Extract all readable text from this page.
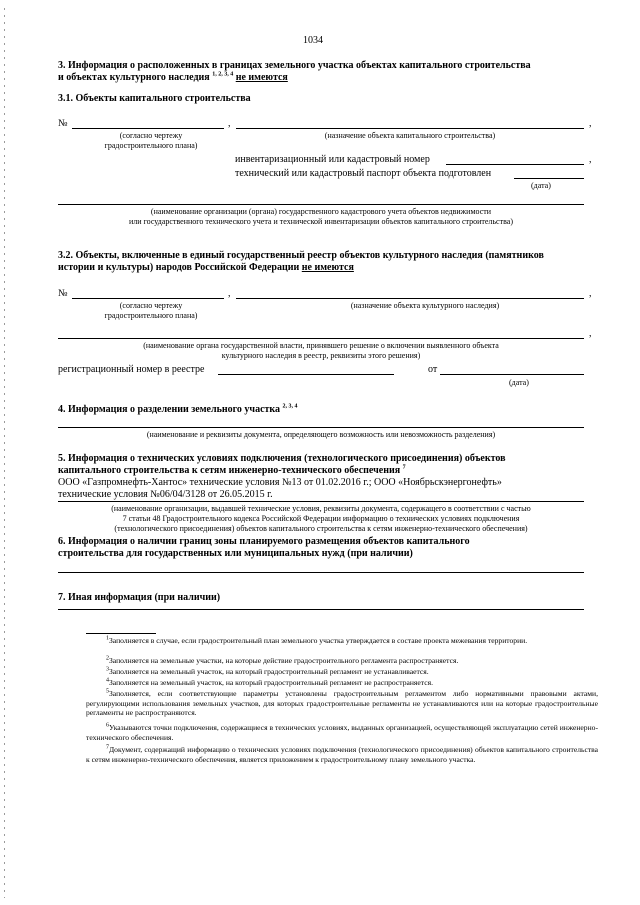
1034
3. Информация о расположенных в границах земельного участка объектах капитального строительства
и объектах культурного наследия $^{1, 2, 3, 4}$ не имеются
3.1. Объекты капитального строительства
№	,	,
(согласно чертежу
градостроительного плана)
(назначение объекта капитального строительства)
инвентаризационный или кадастровый номер	,
технический или кадастровый паспорт объекта подготовлен
(дата)
(наименование организации (органа) государственного кадастрового учета объектов недвижимости
или государственного технического учета и технической инвентаризации объектов капитального строительства)
3.2. Объекты, включенные в единый государственный реестр объектов культурного наследия (памятников
истории и культуры) народов Российской Федерации не имеются
№	,	,
(согласно чертежу
градостроительного плана)
(назначение объекта культурного наследия)
,
(наименование органа государственной власти, принявшего решение о включении выявленного объекта
культурного наследия в реестр, реквизиты этого решения)
регистрационный номер в реестре	от
(дата)
4. Информация о разделении земельного участка $^{2, 3, 4}$
(наименование и реквизиты документа, определяющего возможность или невозможность разделения)
5. Информация о технических условиях подключения (технологического присоединения) объектов
капитального строительства к сетям инженерно-технического обеспечения $^7$
ООО «Газпромнефть-Хантос» технические условия №13 от 01.02.2016 г.; ООО «Ноябрьскэнергонефть»
технические условия №06/04/3128 от 26.05.2015 г.
(наименование организации, выдавшей технические условия, реквизиты документа, содержащего в соответствии с частью
7 статьи 48 Градостроительного кодекса Российской Федерации информацию о технических условиях подключения
(технологического присоединения) объектов капитального строительства к сетям инженерно-технического обеспечения)
6. Информация о наличии границ зоны планируемого размещения объектов капитального
строительства для государственных или муниципальных нужд (при наличии)
7. Иная информация (при наличии)
$^1$Заполняется в случае, если градостроительный план земельного участка утверждается в составе проекта межевания территории.
$^2$Заполняется на земельные участки, на которые действие градостроительного регламента распространяется.
$^3$Заполняется на земельный участок, на который градостроительный регламент не устанавливается.
$^4$Заполняется на земельный участок, на который градостроительный регламент не распространяется.
$^5$Заполняется, если соответствующие параметры установлены градостроительным регламентом либо нормативными правовыми актами, регулирующими использования земельных участков, для которых градостроительные регламенты не устанавливаются или на которые градостроительные регламенты не распространяются.
$^6$Указываются точки подключения, содержащиеся в технических условиях, выданных организацией, осуществляющей эксплуатацию сетей инженерно-технического обеспечения.
$^7$Документ, содержащий информацию о технических условиях подключения (технологического присоединения) объектов капитального строительства к сетям инженерно-технического обеспечения, является приложением к градостроительному плану земельного участка.
